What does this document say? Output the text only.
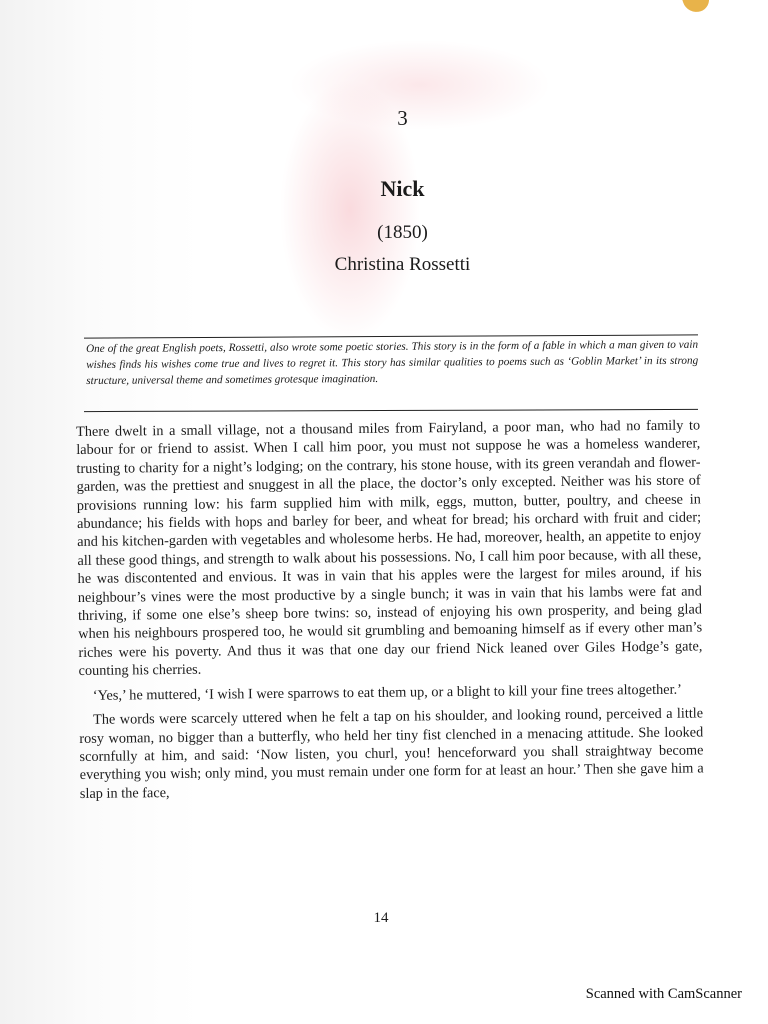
3
Nick
(1850)
Christina Rossetti
One of the great English poets, Rossetti, also wrote some poetic stories. This story is in the form of a fable in which a man given to vain wishes finds his wishes come true and lives to regret it. This story has similar qualities to poems such as ‘Goblin Market’ in its strong structure, universal theme and sometimes grotesque imagination.

There dwelt in a small village, not a thousand miles from Fairyland, a poor man, who had no family to labour for or friend to assist. When I call him poor, you must not suppose he was a homeless wanderer, trusting to charity for a night’s lodging; on the contrary, his stone house, with its green verandah and flower-garden, was the prettiest and snuggest in all the place, the doctor’s only excepted. Neither was his store of provisions running low: his farm supplied him with milk, eggs, mutton, butter, poultry, and cheese in abundance; his fields with hops and barley for beer, and wheat for bread; his orchard with fruit and cider; and his kitchen-garden with vegetables and wholesome herbs. He had, moreover, health, an appetite to enjoy all these good things, and strength to walk about his possessions. No, I call him poor because, with all these, he was discontented and envious. It was in vain that his apples were the largest for miles around, if his neighbour’s vines were the most productive by a single bunch; it was in vain that his lambs were fat and thriving, if some one else’s sheep bore twins: so, instead of enjoying his own prosperity, and being glad when his neighbours prospered too, he would sit grumbling and bemoaning himself as if every other man’s riches were his poverty. And thus it was that one day our friend Nick leaned over Giles Hodge’s gate, counting his cherries.

‘Yes,’ he muttered, ‘I wish I were sparrows to eat them up, or a blight to kill your fine trees altogether.’

The words were scarcely uttered when he felt a tap on his shoulder, and looking round, perceived a little rosy woman, no bigger than a butterfly, who held her tiny fist clenched in a menacing attitude. She looked scornfully at him, and said: ‘Now listen, you churl, you! henceforward you shall straightway become everything you wish; only mind, you must remain under one form for at least an hour.’ Then she gave him a slap in the face,

14
Scanned with CamScanner
